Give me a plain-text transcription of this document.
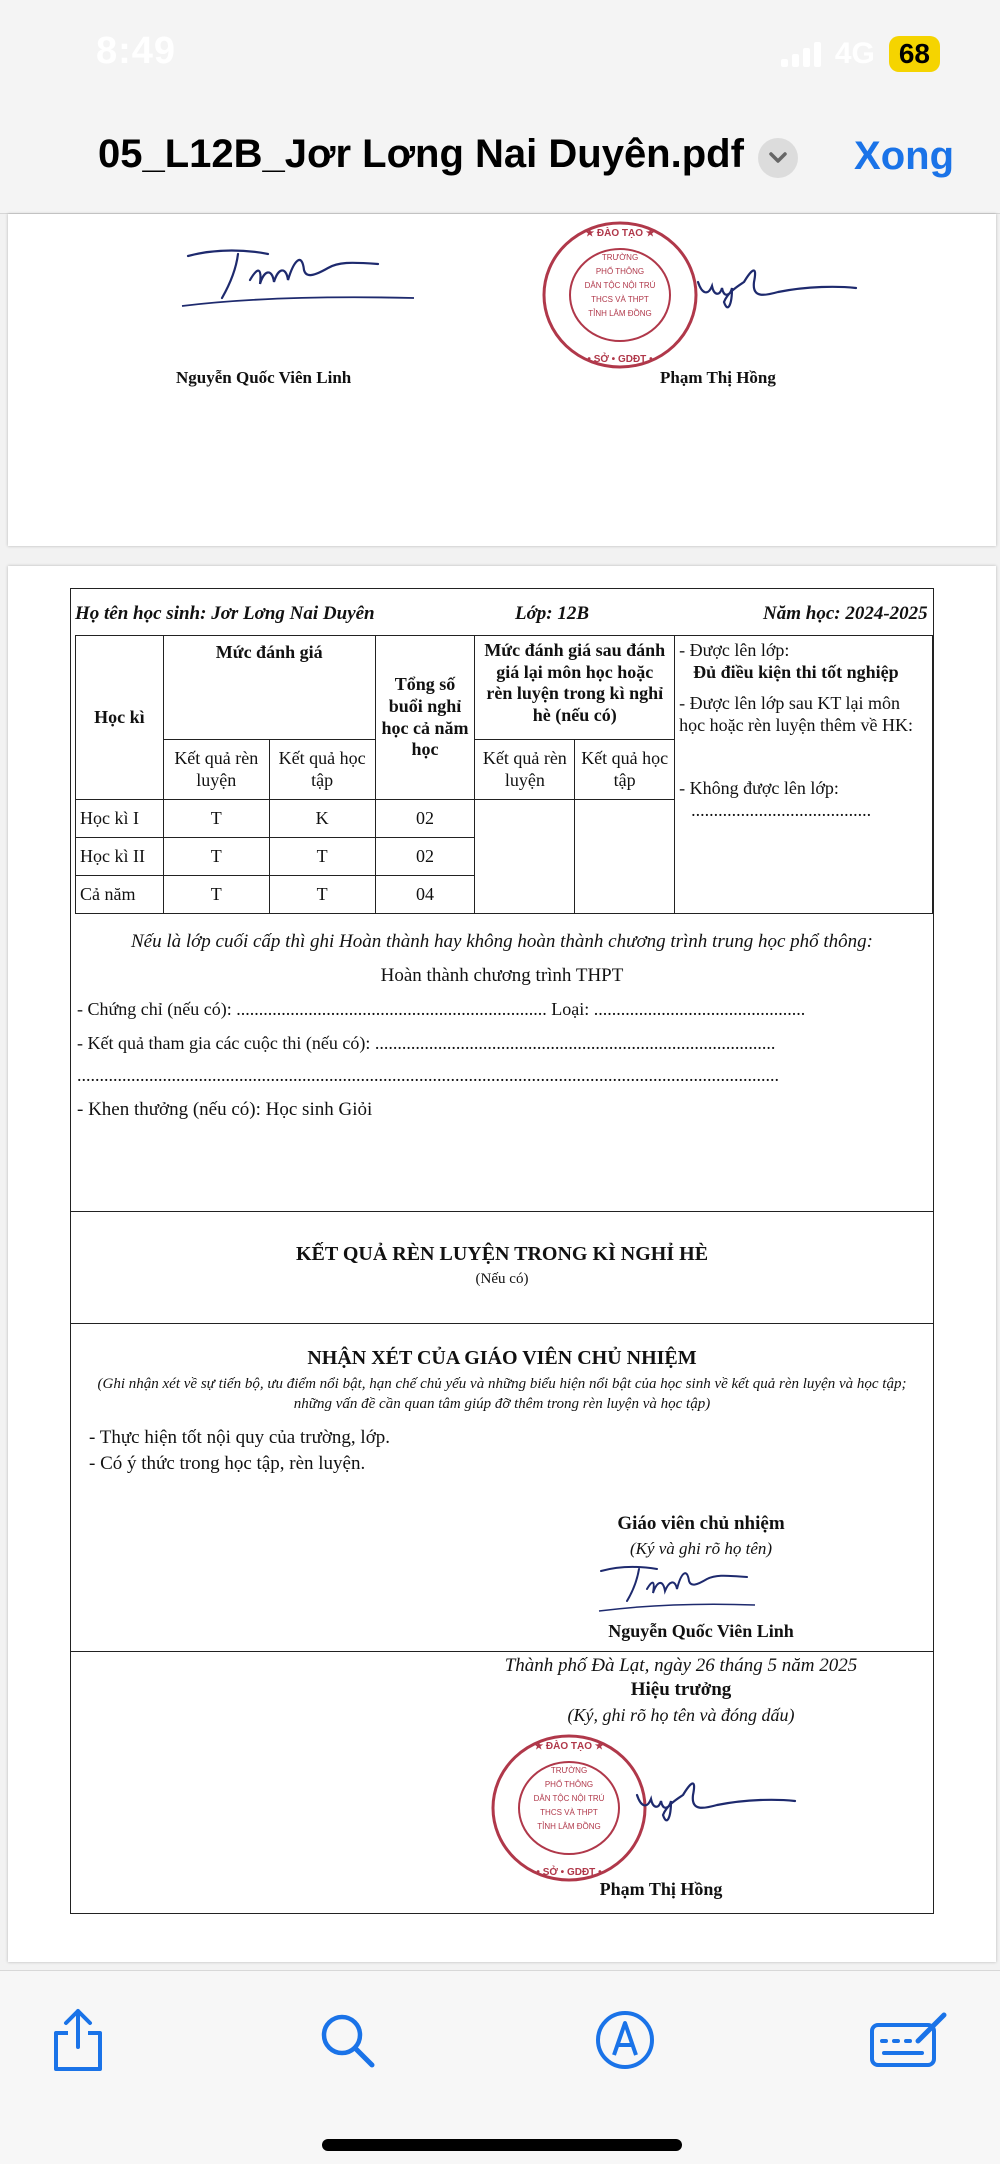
8:49	4G 68
05_L12B_Jơr Lơng Nai Duyên.pdf	Xong
Nguyễn Quốc Viên Linh
TRƯỜNG
PHỔ THÔNG
DÂN TỘC NỘI TRÚ
THCS VÀ THPT
TỈNH LÂM ĐỒNG
★ ĐÀO TẠO ★
• SỞ • GDĐT •
Phạm Thị Hồng
Họ tên học sinh: Jơr Lơng Nai Duyên	Lớp: 12B	Năm học: 2024-2025
Học kì	Mức đánh giá		Tổng số buổi nghỉ học cả năm học	Mức đánh giá sau đánh giá lại môn học hoặc rèn luyện trong kì nghỉ hè (nếu có)		- Được lên lớp:
Đủ điều kiện thi tốt nghiệp
- Được lên lớp sau KT lại môn học hoặc rèn luyện thêm về HK:
- Không được lên lớp:
........................................

	Kết quả rèn luyện	Kết quả học tập		Kết quả rèn luyện	Kết quả học tập	
Học kì I	T	K	02			
Học kì II	T	T	02			
Cả năm	T	T	04			
Nếu là lớp cuối cấp thì ghi Hoàn thành hay không hoàn thành chương trình trung học phổ thông:
Hoàn thành chương trình THPT
- Chứng chỉ (nếu có): ..................................................................... Loại: ...............................................
- Kết quả tham gia các cuộc thi (nếu có): .........................................................................................
............................................................................................................................................................
- Khen thưởng (nếu có): Học sinh Giỏi
KẾT QUẢ RÈN LUYỆN TRONG KÌ NGHỈ HÈ
(Nếu có)
NHẬN XÉT CỦA GIÁO VIÊN CHỦ NHIỆM
(Ghi nhận xét về sự tiến bộ, ưu điểm nổi bật, hạn chế chủ yếu và những biểu hiện nổi bật của học sinh về kết quả rèn luyện và học tập; những vấn đề cần quan tâm giúp đỡ thêm trong rèn luyện và học tập)
- Thực hiện tốt nội quy của trường, lớp.
- Có ý thức trong học tập, rèn luyện.
Giáo viên chủ nhiệm
(Ký và ghi rõ họ tên)
Nguyễn Quốc Viên Linh
Thành phố Đà Lạt, ngày 26 tháng 5 năm 2025
Hiệu trưởng
(Ký, ghi rõ họ tên và đóng dấu)
TRƯỜNG
PHỔ THÔNG
DÂN TỘC NỘI TRÚ
THCS VÀ THPT
TỈNH LÂM ĐỒNG
★ ĐÀO TẠO ★
• SỞ • GDĐT •
Phạm Thị Hồng
